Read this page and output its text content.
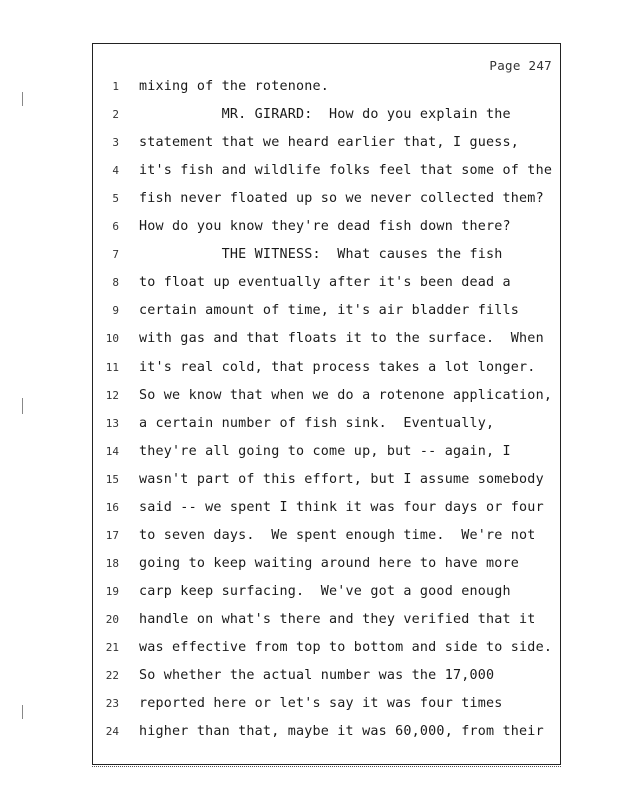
Page 247
1 mixing of the rotenone.
2 MR. GIRARD:  How do you explain the
3 statement that we heard earlier that, I guess,
4 it's fish and wildlife folks feel that some of the
5 fish never floated up so we never collected them?
6 How do you know they're dead fish down there?
7 THE WITNESS:  What causes the fish
8 to float up eventually after it's been dead a
9 certain amount of time, it's air bladder fills
10 with gas and that floats it to the surface.  When
11 it's real cold, that process takes a lot longer.
12 So we know that when we do a rotenone application,
13 a certain number of fish sink.  Eventually,
14 they're all going to come up, but -- again, I
15 wasn't part of this effort, but I assume somebody
16 said -- we spent I think it was four days or four
17 to seven days.  We spent enough time.  We're not
18 going to keep waiting around here to have more
19 carp keep surfacing.  We've got a good enough
20 handle on what's there and they verified that it
21 was effective from top to bottom and side to side.
22 So whether the actual number was the 17,000
23 reported here or let's say it was four times
24 higher than that, maybe it was 60,000, from their
